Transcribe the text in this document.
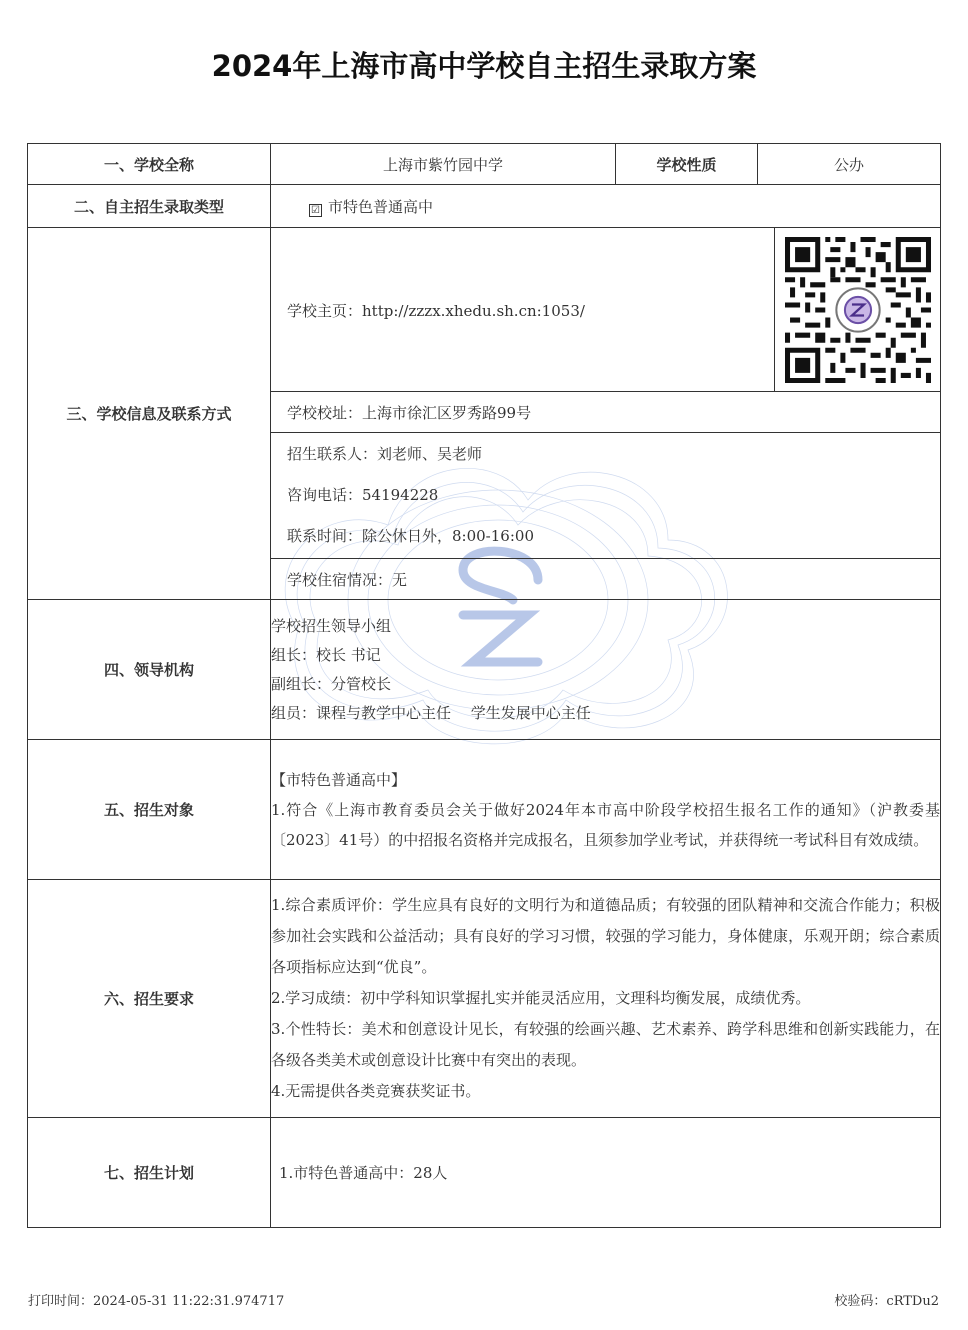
2024年上海市高中学校自主招生录取方案
一、学校全称	上海市紫竹园中学	学校性质	公办
二、自主招生录取类型	☑ 市特色普通高中		
三、学校信息及联系方式	学校主页：http://zzzx.xhedu.sh.cn:1053/		

	学校校址：上海市徐汇区罗秀路99号		

	招生联系人：刘老师、吴老师
咨询电话：54194228
联系时间：除公休日外，8:00-16:00		

	学校住宿情况：无		
四、领导机构	学校招生领导小组
组长：校长 书记
副组长：分管校长
组员：课程与教学中心主任　 学生发展中心主任		

五、招生对象	【市特色普通高中】
1.符合《上海市教育委员会关于做好2024年本市高中阶段学校招生报名工作的通知》（沪教委基〔2023〕41号）的中招报名资格并完成报名，且须参加学业考试，并获得统一考试科目有效成绩。		

六、招生要求	1.综合素质评价：学生应具有良好的文明行为和道德品质；有较强的团队精神和交流合作能力；积极参加社会实践和公益活动；具有良好的学习习惯，较强的学习能力，身体健康，乐观开朗；综合素质各项指标应达到“优良”。
2.学习成绩：初中学科知识掌握扎实并能灵活应用，文理科均衡发展，成绩优秀。
3.个性特长：美术和创意设计见长，有较强的绘画兴趣、艺术素养、跨学科思维和创新实践能力，在各级各类美术或创意设计比赛中有突出的表现。
4.无需提供各类竞赛获奖证书。		

七、招生计划	1.市特色普通高中：28人		
打印时间：2024-05-31 11:22:31.974717	校验码：cRTDu2
